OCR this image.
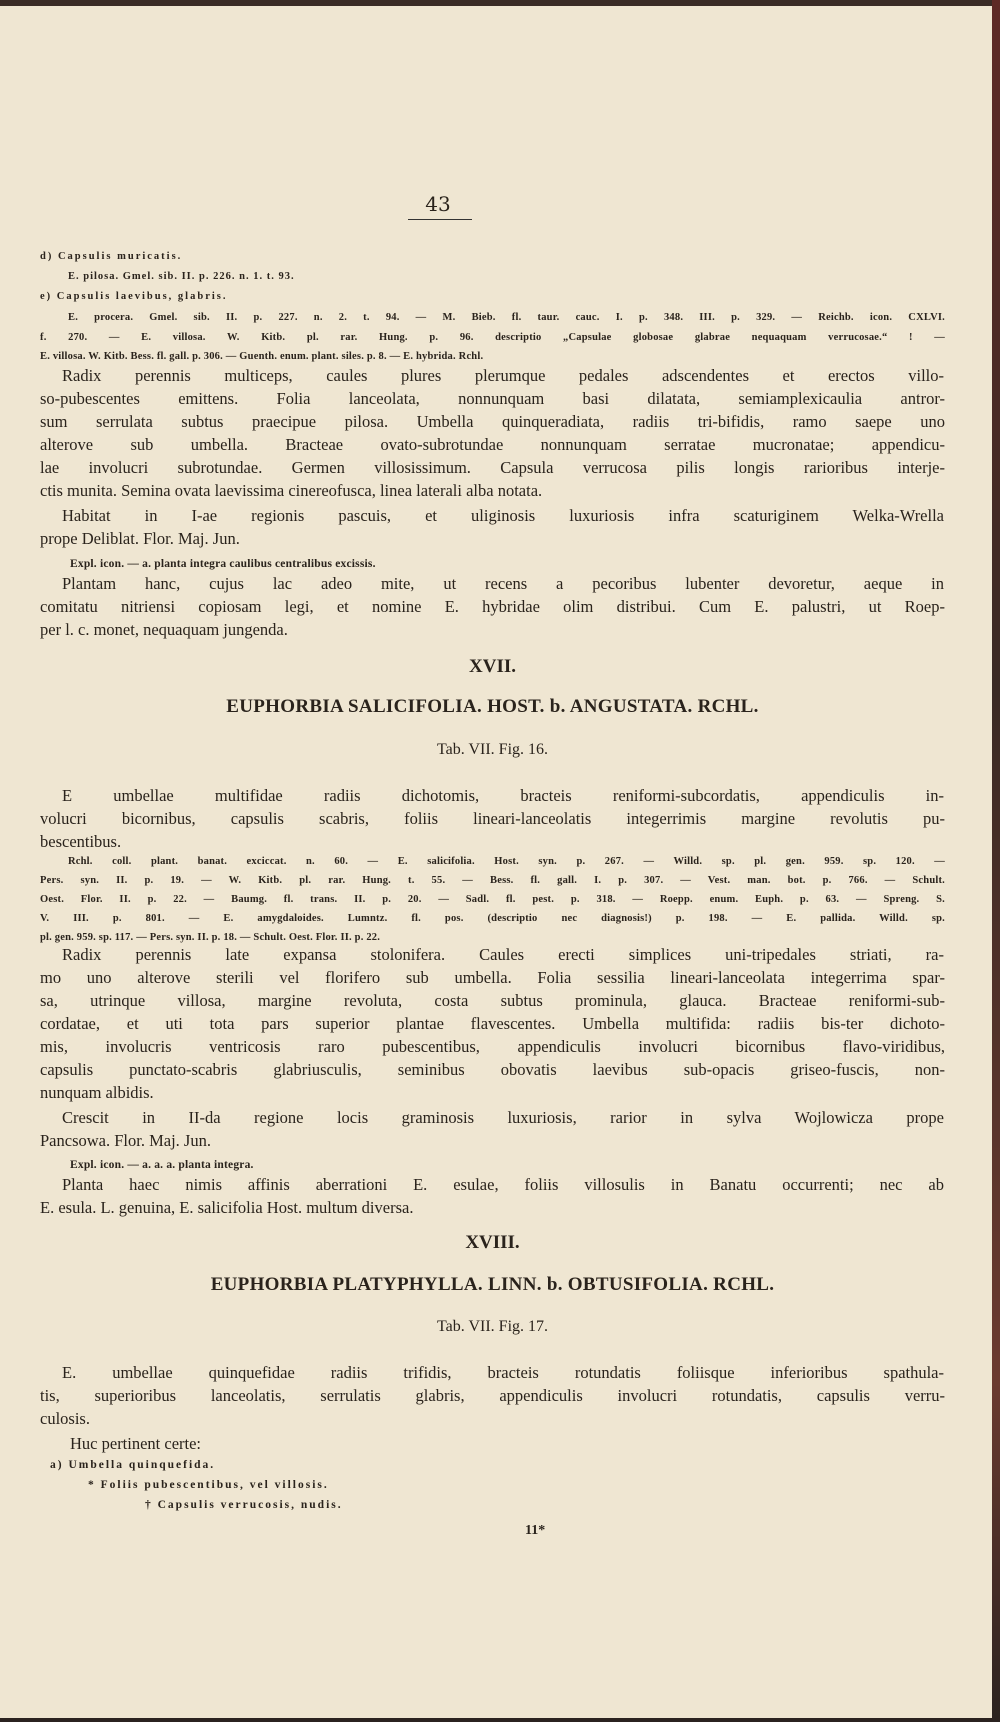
43
d) Capsulis muricatis.
E. pilosa. Gmel. sib. II. p. 226. n. 1. t. 93.
e) Capsulis laevibus, glabris.
E. procera. Gmel. sib. II. p. 227. n. 2. t. 94. — M. Bieb. fl. taur. cauc. I. p. 348. III. p. 329. — Reichb. icon. CXLVI.
f. 270. — E. villosa. W. Kitb. pl. rar. Hung. p. 96. descriptio „Capsulae globosae glabrae nequaquam verrucosae.“ ! —
E. villosa. W. Kitb. Bess. fl. gall. p. 306. — Guenth. enum. plant. siles. p. 8. — E. hybrida. Rchl.
Radix perennis multiceps, caules plures plerumque pedales adscendentes et erectos villo-
so-pubescentes emittens. Folia lanceolata, nonnunquam basi dilatata, semiamplexicaulia antror-
sum serrulata subtus praecipue pilosa. Umbella quinqueradiata, radiis tri-bifidis, ramo saepe uno
alterove sub umbella. Bracteae ovato-subrotundae nonnunquam serratae mucronatae; appendicu-
lae involucri subrotundae. Germen villosissimum. Capsula verrucosa pilis longis rarioribus interje-
ctis munita. Semina ovata laevissima cinereofusca, linea laterali alba notata.
Habitat in I-ae regionis pascuis, et uliginosis luxuriosis infra scaturiginem Welka-Wrella
prope Deliblat. Flor. Maj. Jun.
Expl. icon. — a. planta integra caulibus centralibus excissis.
Plantam hanc, cujus lac adeo mite, ut recens a pecoribus lubenter devoretur, aeque in
comitatu nitriensi copiosam legi, et nomine E. hybridae olim distribui. Cum E. palustri, ut Roep-
per l. c. monet, nequaquam jungenda.
XVII.
EUPHORBIA SALICIFOLIA. HOST. b. ANGUSTATA. RCHL.
Tab. VII. Fig. 16.
E umbellae multifidae radiis dichotomis, bracteis reniformi-subcordatis, appendiculis in-
volucri bicornibus, capsulis scabris, foliis lineari-lanceolatis integerrimis margine revolutis pu-
bescentibus.
Rchl. coll. plant. banat. exciccat. n. 60. — E. salicifolia. Host. syn. p. 267. — Willd. sp. pl. gen. 959. sp. 120. —
Pers. syn. II. p. 19. — W. Kitb. pl. rar. Hung. t. 55. — Bess. fl. gall. I. p. 307. — Vest. man. bot. p. 766. — Schult.
Oest. Flor. II. p. 22. — Baumg. fl. trans. II. p. 20. — Sadl. fl. pest. p. 318. — Roepp. enum. Euph. p. 63. — Spreng. S.
V. III. p. 801. — E. amygdaloides. Lumntz. fl. pos. (descriptio nec diagnosis!) p. 198. — E. pallida. Willd. sp.
pl. gen. 959. sp. 117. — Pers. syn. II. p. 18. — Schult. Oest. Flor. II. p. 22.
Radix perennis late expansa stolonifera. Caules erecti simplices uni-tripedales striati, ra-
mo uno alterove sterili vel florifero sub umbella. Folia sessilia lineari-lanceolata integerrima spar-
sa, utrinque villosa, margine revoluta, costa subtus prominula, glauca. Bracteae reniformi-sub-
cordatae, et uti tota pars superior plantae flavescentes. Umbella multifida: radiis bis-ter dichoto-
mis, involucris ventricosis raro pubescentibus, appendiculis involucri bicornibus flavo-viridibus,
capsulis punctato-scabris glabriusculis, seminibus obovatis laevibus sub-opacis griseo-fuscis, non-
nunquam albidis.
Crescit in II-da regione locis graminosis luxuriosis, rarior in sylva Wojlowicza prope
Pancsowa. Flor. Maj. Jun.
Expl. icon. — a. a. a. planta integra.
Planta haec nimis affinis aberrationi E. esulae, foliis villosulis in Banatu occurrenti; nec ab
E. esula. L. genuina, E. salicifolia Host. multum diversa.
XVIII.
EUPHORBIA PLATYPHYLLA. LINN. b. OBTUSIFOLIA. RCHL.
Tab. VII. Fig. 17.
E. umbellae quinquefidae radiis trifidis, bracteis rotundatis foliisque inferioribus spathula-
tis, superioribus lanceolatis, serrulatis glabris, appendiculis involucri rotundatis, capsulis verru-
culosis.
Huc pertinent certe:
a) Umbella quinquefida.
* Foliis pubescentibus, vel villosis.
† Capsulis verrucosis, nudis.
11*
